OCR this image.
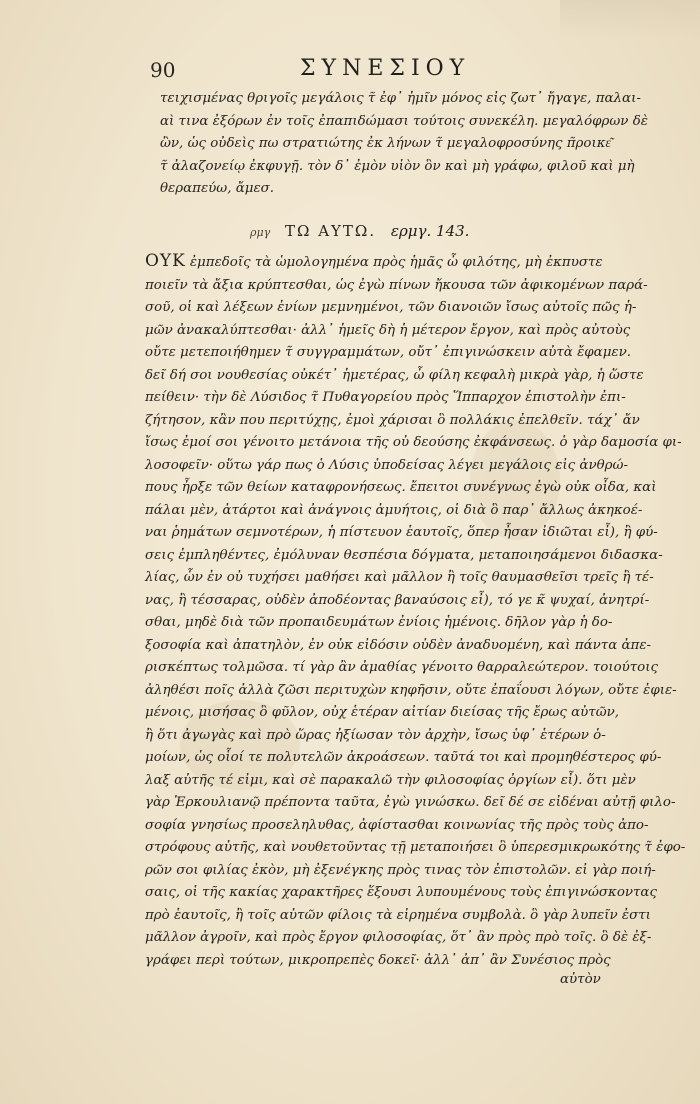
90	ΣΥΝΕΣΙΟΥ
τειχισμένας θριγοῖς μεγάλοις τ̃ ἐφ᾽ ἡμῖν μόνος εἰς ζωτ᾽ ἤγαγε, παλαι-
αὶ τινα ἐξόρων ἐν τοῖς ἐπαπιδώμασι τούτοις συνεκέλη. μεγαλόφρων δὲ
ὢν, ὡς οὐδεὶς πω στρατιώτης ἐκ λήνων τ̃ μεγαλοφροσύνης π̃ροικε͂
τ̃ ἀλαζονείῳ ἐκφυγῇ. τὸν δ᾽ ἐμὸν υἱὸν ὃν καὶ μὴ γράφω, φιλοῦ καὶ μὴ
θεραπεύω, ἄμεσ.
ρμγ ΤΩ ΑΥΤΩ. ερμγ. 143.
ΟΥΚ ἐμπεδοῖς τὰ ὡμολογημένα πρὸς ἡμᾶς ὦ φιλότης, μὴ ἐκπυστε
ποιεῖν τὰ ἄξια κρύπτεσθαι, ὡς ἐγὼ πίνων ἤκουσα τῶν ἀφικομένων παρά-
σοῦ, οἱ καὶ λέξεων ἐνίων μεμνημένοι, τῶν διανοιῶν ἴσως αὐτοῖς πῶς ἡ-
μῶν ἀνακαλύπτεσθαι· ἀλλ᾽ ἡμεῖς δὴ ἡ μέτερον ἔργον, καὶ πρὸς αὐτοὺς
οὔτε μετεποιήθημεν τ̃ συγγραμμάτων, οὔτ᾽ ἐπιγινώσκειν αὐτὰ ἔφαμεν.
δεῖ δή σοι νουθεσίας οὐκέτ᾽ ἡμετέρας, ὦ φίλη κεφαλὴ μικρὰ γὰρ, ἡ ὥστε
πείθειν· τὴν δὲ Λύσιδος τ̃ Πυθαγορείου πρὸς Ἵππαρχον ἐπιστολὴν ἐπι-
ζήτησον, κἂν που περιτύχῃς, ἐμοὶ χάρισαι ὃ πολλάκις ἐπελθεῖν. τάχ᾽ ἄν
ἴσως ἐμοί σοι γένοιτο μετάνοια τῆς οὐ δεούσης ἐκφάνσεως. ὁ γὰρ δαμοσία φι-
λοσοφεῖν· οὕτω γάρ πως ὁ Λύσις ὑποδείσας λέγει μεγάλοις εἰς ἀνθρώ-
πους ἦρξε τῶν θείων καταφρονήσεως. ἔπειτοι συνέγνως ἐγὼ οὐκ οἶδα, καὶ
πάλαι μὲν, ἀτάρτοι καὶ ἀνάγνοις ἀμυήτοις, οἱ διὰ ὃ παρ᾽ ἄλλως ἀκηκοέ-
ναι ῥημάτων σεμνοτέρων, ἡ πίστευον ἑαυτοῖς, ὅπερ ἦσαν ἰδιῶται εἶ), ἢ φύ-
σεις ἐμπληθέντες, ἐμόλυναν θεσπέσια δόγματα, μεταποιησάμενοι διδασκα-
λίας, ὧν ἐν οὐ τυχήσει μαθήσει καὶ μᾶλλον ἢ τοῖς θαυμασθεῖσι τρεῖς ἢ τέ-
νας, ἢ τέσσαρας, οὐδὲν ἀποδέοντας βαναύσοις εἶ), τό γε κ̃ ψυχαί, ἀνητρί-
σθαι, μηδὲ διὰ τῶν προπαιδευμάτων ἐνίοις ἡμένοις. δῆλον γὰρ ἡ δο-
ξοσοφία καὶ ἀπατηλὸν, ἐν οὐκ εἰδόσιν οὐδὲν ἀναδυομένη, καὶ πάντα ἀπε-
ρισκέπτως τολμῶσα. τί γὰρ ἂν ἀμαθίας γένοιτο θαρραλεώτερον. τοιούτοις
ἀληθέσι ποῖς ἀλλὰ ζῶσι περιτυχὼν κηφῆσιν, οὔτε ἐπαΐουσι λόγων, οὔτε ἐφιε-
μένοις, μισήσας ὃ φῦλον, οὐχ ἑτέραν αἰτίαν διείσας τῆς ἔρως αὐτῶν,
ἢ ὅτι ἀγωγὰς καὶ πρὸ ὥρας ἠξίωσαν τὸν ἀρχὴν, ἴσως ὑφ᾽ ἑτέρων ὁ-
μοίων, ὡς οἷοί τε πολυτελῶν ἀκροάσεων. ταῦτά τοι καὶ προμηθέστερος φύ-
λαξ αὐτῆς τέ εἰμι, καὶ σὲ παρακαλῶ τὴν φιλοσοφίας ὀργίων εἶ). ὅτι μὲν
γὰρ Ἐρκουλιανῷ πρέποντα ταῦτα, ἐγὼ γινώσκω. δεῖ δέ σε εἰδέναι αὐτῇ φιλο-
σοφία γνησίως προσεληλυθας, ἀφίστασθαι κοινωνίας τῆς πρὸς τοὺς ἀπο-
στρόφους αὐτῆς, καὶ νουθετοῦντας τῇ μεταποιήσει ὃ ὑπερεσμικρωκότης τ̃ ἐφο-
ρῶν σοι φιλίας ἐκὸν, μὴ ἐξενέγκης πρὸς τινας τὸν ἐπιστολῶν. εἰ γὰρ ποιή-
σαις, οἱ τῆς κακίας χαρακτῆρες ἕξουσι λυπουμένους τοὺς ἐπιγινώσκοντας
πρὸ ἑαυτοῖς, ἢ τοῖς αὐτῶν φίλοις τὰ εἰρημένα συμβολὰ. ὃ γὰρ λυπεῖν ἐστι
μᾶλλον ἀγροῖν, καὶ πρὸς ἔργον φιλοσοφίας, ὅτ᾽ ἂν πρὸς πρὸ τοῖς. ὃ δὲ ἐξ-
γράφει περὶ τούτων, μικροπρεπὲς δοκεῖ· ἀλλ᾽ ἀπ᾽ ἂν Συνέσιος πρὸς
αὐτὸν
